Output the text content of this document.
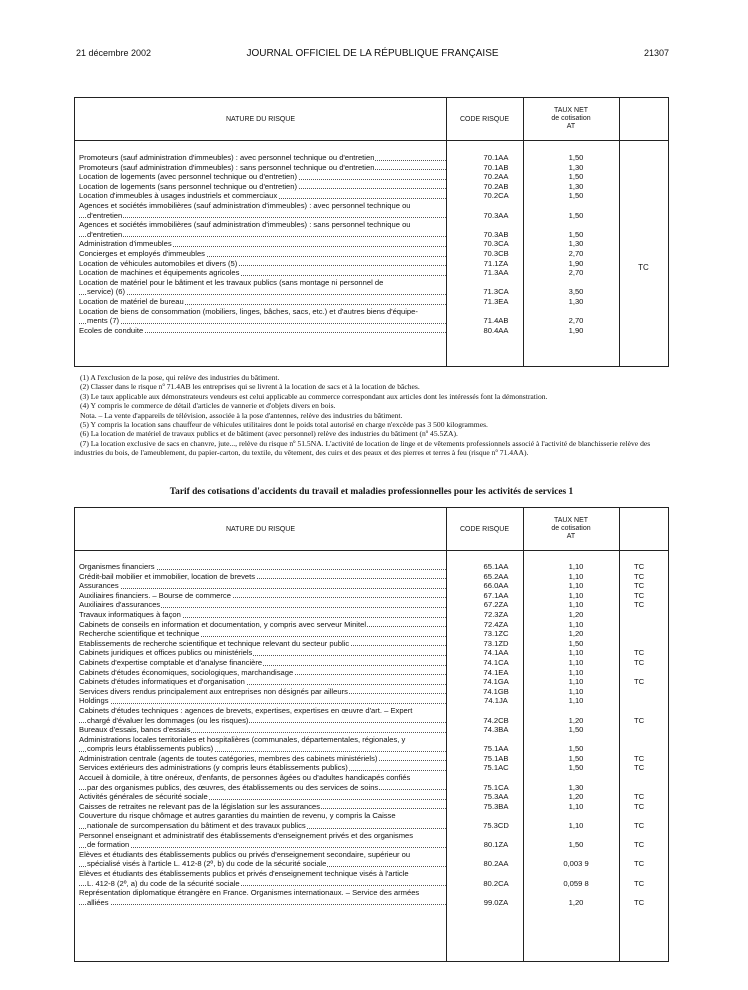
21 décembre 2002	JOURNAL OFFICIEL DE LA RÉPUBLIQUE FRANÇAISE	21307
NATURE DU RISQUE	CODE RISQUE
TAUX NET
de cotisation
AT
Promoteurs (sauf administration d'immeubles) : avec personnel technique ou d'entretien	70.1AA	1,50
Promoteurs (sauf administration d'immeubles) : sans personnel technique ou d'entretien	70.1AB	1,30
Location de logements (avec personnel technique ou d'entretien)	70.2AA	1,50
Location de logements (sans personnel technique ou d'entretien)	70.2AB	1,30
Location d'immeubles à usages industriels et commerciaux	70.2CA	1,50
Agences et sociétés immobilières (sauf administration d'immeubles) : avec personnel technique ou

d'entretien	70.3AA	1,50
Agences et sociétés immobilières (sauf administration d'immeubles) : sans personnel technique ou

d'entretien	70.3AB	1,50
Administration d'immeubles	70.3CA	1,30
Concierges et employés d'immeubles	70.3CB	2,70
Location de véhicules automobiles et divers (5)	71.1ZA	1,90
Location de machines et équipements agricoles	71.3AA	2,70
Location de matériel pour le bâtiment et les travaux publics (sans montage ni personnel de

service) (6)	71.3CA	3,50
Location de matériel de bureau	71.3EA	1,30
Location de biens de consommation (mobiliers, linges, bâches, sacs, etc.) et d'autres biens d'équipe-

ments (7)	71.4AB	2,70
Ecoles de conduite	80.4AA	1,90
TC

(1) A l'exclusion de la pose, qui relève des industries du bâtiment.

(2) Classer dans le risque nº 71.4AB les entreprises qui se livrent à la location de sacs et à la location de bâches.

(3) Le taux applicable aux démonstrateurs vendeurs est celui applicable au commerce correspondant aux articles dont les intéressés font la démonstration.

(4) Y compris le commerce de détail d'articles de vannerie et d'objets divers en bois.

Nota. – La vente d'appareils de télévision, associée à la pose d'antennes, relève des industries du bâtiment.

(5) Y compris la location sans chauffeur de véhicules utilitaires dont le poids total autorisé en charge n'excède pas 3 500 kilogrammes.

(6) La location de matériel de travaux publics et de bâtiment (avec personnel) relève des industries du bâtiment (nº 45.5ZA).

(7) La location exclusive de sacs en chanvre, jute..., relève du risque nº 51.5NA. L'activité de location de linge et de vêtements professionnels associé à l'activité de blanchisserie relève des industries du bois, de l'ameublement, du papier-carton, du textile, du vêtement, des cuirs et des peaux et des pierres et terres à feu (risque nº 71.4AA).

Tarif des cotisations d'accidents du travail et maladies professionnelles pour les activités de services 1
NATURE DU RISQUE	CODE RISQUE
TAUX NET
de cotisation
AT
Organismes financiers	65.1AA	1,10	TC
Crédit-bail mobilier et immobilier, location de brevets	65.2AA	1,10	TC
Assurances	66.0AA	1,10	TC
Auxiliaires financiers. – Bourse de commerce	67.1AA	1,10	TC
Auxiliaires d'assurances	67.2ZA	1,10	TC
Travaux informatiques à façon	72.3ZA	1,20
Cabinets de conseils en information et documentation, y compris avec serveur Minitel	72.4ZA	1,10
Recherche scientifique et technique	73.1ZC	1,20
Etablissements de recherche scientifique et technique relevant du secteur public	73.1ZD	1,50
Cabinets juridiques et offices publics ou ministériels	74.1AA	1,10	TC
Cabinets d'expertise comptable et d'analyse financière	74.1CA	1,10	TC
Cabinets d'études économiques, sociologiques, marchandisage	74.1EA	1,10
Cabinets d'études informatiques et d'organisation	74.1GA	1,10	TC
Services divers rendus principalement aux entreprises non désignés par ailleurs	74.1GB	1,10
Holdings	74.1JA	1,10
Cabinets d'études techniques : agences de brevets, expertises, expertises en œuvre d'art. – Expert

chargé d'évaluer les dommages (ou les risques)	74.2CB	1,20	TC
Bureaux d'essais, bancs d'essais	74.3BA	1,50
Administrations locales territoriales et hospitalières (communales, départementales, régionales, y

compris leurs établissements publics)	75.1AA	1,50
Administration centrale (agents de toutes catégories, membres des cabinets ministériels)	75.1AB	1,50	TC
Services extérieurs des administrations (y compris leurs établissements publics)	75.1AC	1,50	TC
Accueil à domicile, à titre onéreux, d'enfants, de personnes âgées ou d'adultes handicapés confiés

par des organismes publics, des œuvres, des établissements ou des services de soins	75.1CA	1,30
Activités générales de sécurité sociale	75.3AA	1,20	TC
Caisses de retraites ne relevant pas de la législation sur les assurances	75.3BA	1,10	TC
Couverture du risque chômage et autres garanties du maintien de revenu, y compris la Caisse

nationale de surcompensation du bâtiment et des travaux publics	75.3CD	1,10	TC
Personnel enseignant et administratif des établissements d'enseignement privés et des organismes

de formation	80.1ZA	1,50	TC
Elèves et étudiants des établissements publics ou privés d'enseignement secondaire, supérieur ou

spécialisé visés à l'article L. 412-8 (2º, b) du code de la sécurité sociale	80.2AA	0,003 9	TC
Elèves et étudiants des établissements publics et privés d'enseignement technique visés à l'article

L. 412-8 (2º, a) du code de la sécurité sociale	80.2CA	0,059 8	TC
Représentation diplomatique étrangère en France. Organismes internationaux. – Service des armées

alliées	99.0ZA	1,20	TC
